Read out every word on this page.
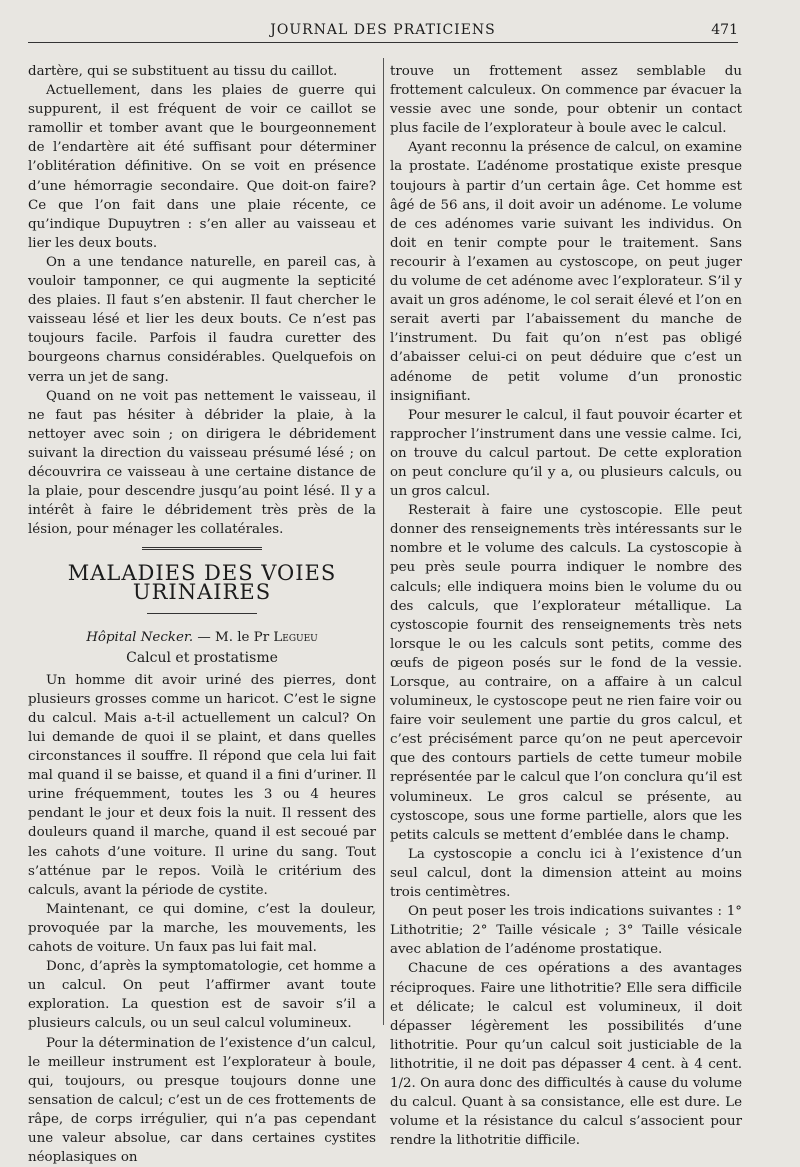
JOURNAL DES PRATICIENS	471

dartère, qui se substituent au tissu du caillot.

Actuellement, dans les plaies de guerre qui suppurent, il est fréquent de voir ce caillot se ramollir et tomber avant que le bourgeonnement de l’endartère ait été suffisant pour déterminer l’oblitération définitive. On se voit en présence d’une hémorragie secondaire. Que doit-on faire? Ce que l’on fait dans une plaie récente, ce qu’indique Dupuytren : s’en aller au vaisseau et lier les deux bouts.

On a une tendance naturelle, en pareil cas, à vouloir tamponner, ce qui augmente la septicité des plaies. Il faut s’en abstenir. Il faut chercher le vaisseau lésé et lier les deux bouts. Ce n’est pas toujours facile. Parfois il faudra curetter des bourgeons charnus considérables. Quelquefois on verra un jet de sang.

Quand on ne voit pas nettement le vaisseau, il ne faut pas hésiter à débrider la plaie, à la nettoyer avec soin ; on dirigera le débridement suivant la direction du vaisseau présumé lésé ; on découvrira ce vaisseau à une certaine distance de la plaie, pour descendre jusqu’au point lésé. Il y a intérêt à faire le débridement très près de la lésion, pour ménager les collatérales.

MALADIES DES VOIES URINAIRES
Hôpital Necker. — M. le Pr Legueu
Calcul et prostatisme

Un homme dit avoir uriné des pierres, dont plusieurs grosses comme un haricot. C’est le signe du calcul. Mais a-t-il actuellement un calcul? On lui demande de quoi il se plaint, et dans quelles circonstances il souffre. Il répond que cela lui fait mal quand il se baisse, et quand il a fini d’uriner. Il urine fréquemment, toutes les 3 ou 4 heures pendant le jour et deux fois la nuit. Il ressent des douleurs quand il marche, quand il est secoué par les cahots d’une voiture. Il urine du sang. Tout s’atténue par le repos. Voilà le critérium des calculs, avant la période de cystite.

Maintenant, ce qui domine, c’est la douleur, provoquée par la marche, les mouvements, les cahots de voiture. Un faux pas lui fait mal.

Donc, d’après la symptomatologie, cet homme a un calcul. On peut l’affirmer avant toute exploration. La question est de savoir s’il a plusieurs calculs, ou un seul calcul volumineux.

Pour la détermination de l’existence d’un calcul, le meilleur instrument est l’explorateur à boule, qui, toujours, ou presque toujours donne une sensation de calcul; c’est un de ces frottements de râpe, de corps irrégulier, qui n’a pas cependant une valeur absolue, car dans certaines cystites néoplasiques on

trouve un frottement assez semblable du frottement calculeux. On commence par évacuer la vessie avec une sonde, pour obtenir un contact plus facile de l’explorateur à boule avec le calcul.

Ayant reconnu la présence de calcul, on examine la prostate. L’adénome prostatique existe presque toujours à partir d’un certain âge. Cet homme est âgé de 56 ans, il doit avoir un adénome. Le volume de ces adénomes varie suivant les individus. On doit en tenir compte pour le traitement. Sans recourir à l’examen au cystoscope, on peut juger du volume de cet adénome avec l’explorateur. S’il y avait un gros adénome, le col serait élevé et l’on en serait averti par l’abaissement du manche de l’instrument. Du fait qu’on n’est pas obligé d’abaisser celui-ci on peut déduire que c’est un adénome de petit volume d’un pronostic insignifiant.

Pour mesurer le calcul, il faut pouvoir écarter et rapprocher l’instrument dans une vessie calme. Ici, on trouve du calcul partout. De cette exploration on peut conclure qu’il y a, ou plusieurs calculs, ou un gros calcul.

Resterait à faire une cystoscopie. Elle peut donner des renseignements très intéressants sur le nombre et le volume des calculs. La cystoscopie à peu près seule pourra indiquer le nombre des calculs; elle indiquera moins bien le volume du ou des calculs, que l’explorateur métallique. La cystoscopie fournit des renseignements très nets lorsque le ou les calculs sont petits, comme des œufs de pigeon posés sur le fond de la vessie. Lorsque, au contraire, on a affaire à un calcul volumineux, le cystoscope peut ne rien faire voir ou faire voir seulement une partie du gros calcul, et c’est précisément parce qu’on ne peut apercevoir que des contours partiels de cette tumeur mobile représentée par le calcul que l’on conclura qu’il est volumineux. Le gros calcul se présente, au cystoscope, sous une forme partielle, alors que les petits calculs se mettent d’emblée dans le champ.

La cystoscopie a conclu ici à l’existence d’un seul calcul, dont la dimension atteint au moins trois centimètres.

On peut poser les trois indications suivantes : 1° Lithotritie; 2° Taille vésicale ; 3° Taille vésicale avec ablation de l’adénome prostatique.

Chacune de ces opérations a des avantages réciproques. Faire une lithotritie? Elle sera difficile et délicate; le calcul est volumineux, il doit dépasser légèrement les possibilités d’une lithotritie. Pour qu’un calcul soit justiciable de la lithotritie, il ne doit pas dépasser 4 cent. à 4 cent. 1/2. On aura donc des difficultés à cause du volume du calcul. Quant à sa consistance, elle est dure. Le volume et la résistance du calcul s’associent pour rendre la lithotritie difficile.
